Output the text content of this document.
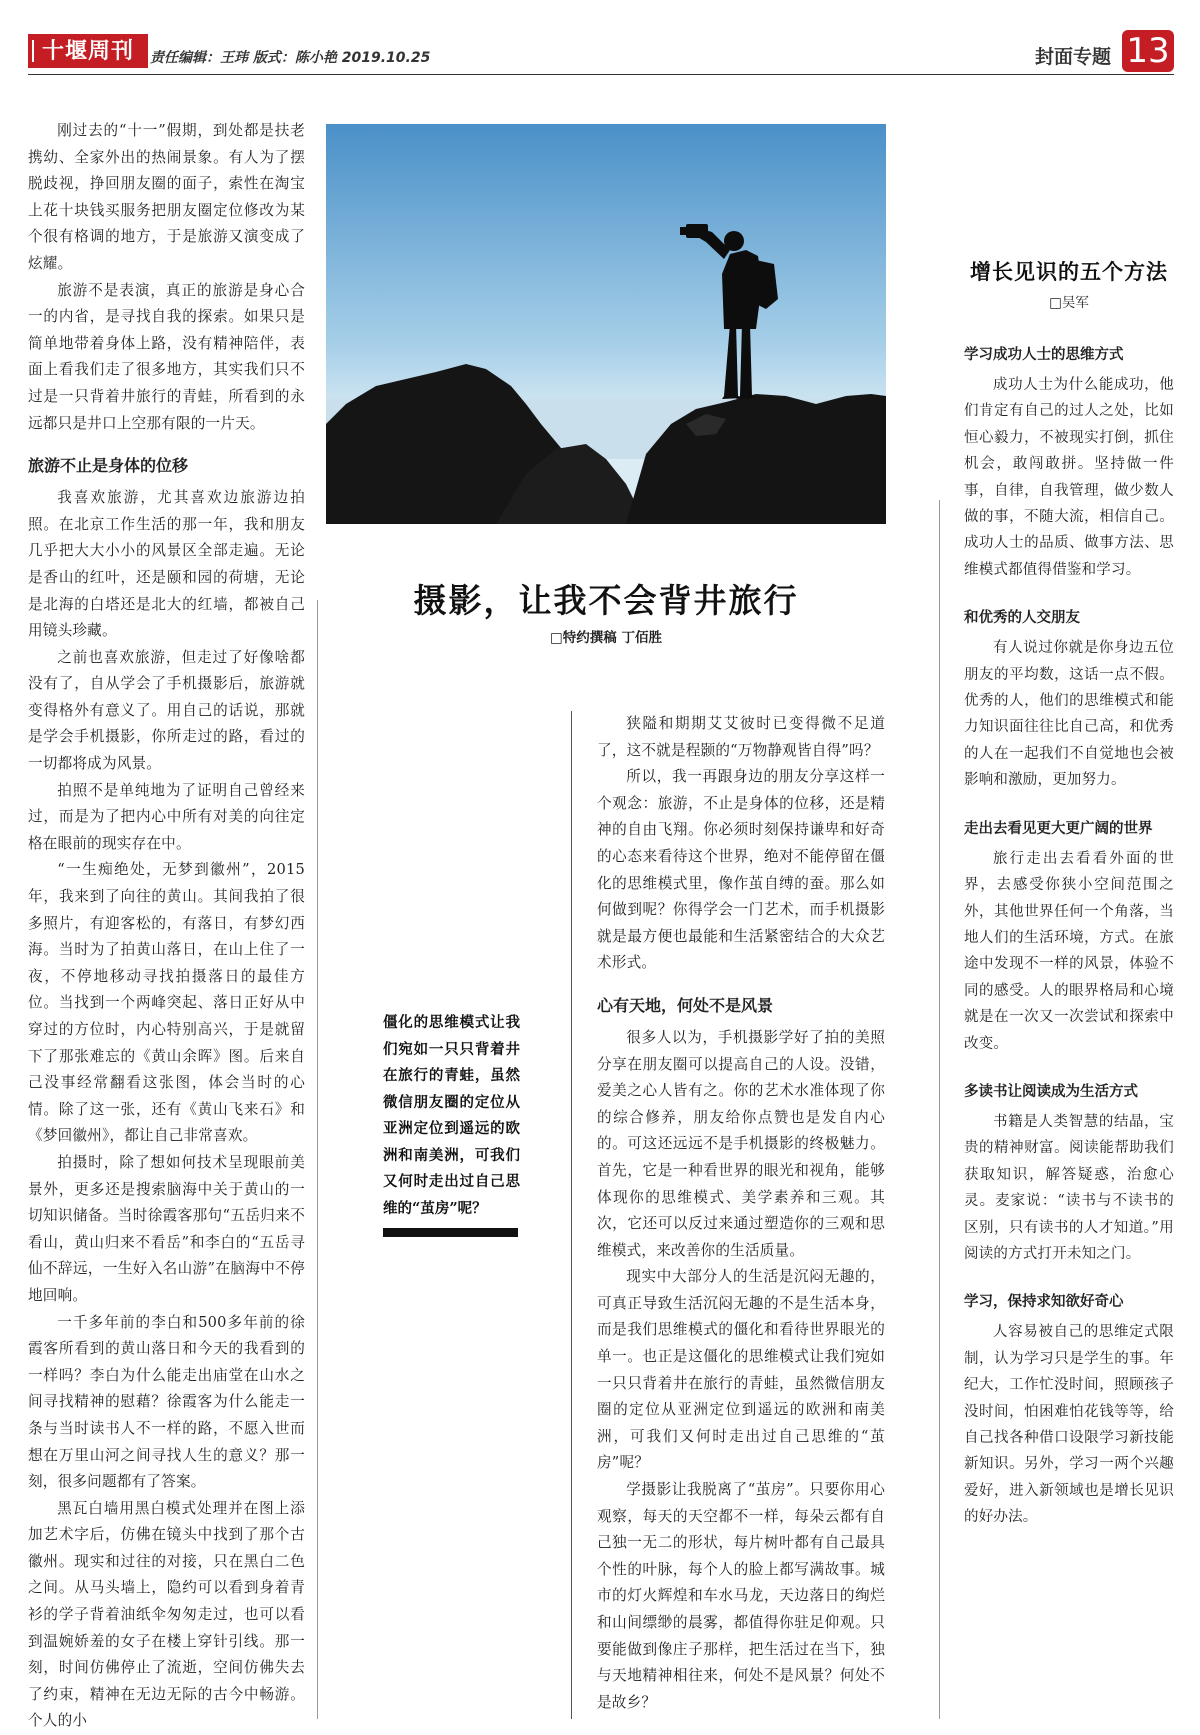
十堰周刊	责任编辑：王玮 版式：陈小艳 2019.10.25	封面专题 13

刚过去的“十一”假期，到处都是扶老携幼、全家外出的热闹景象。有人为了摆脱歧视，挣回朋友圈的面子，索性在淘宝上花十块钱买服务把朋友圈定位修改为某个很有格调的地方，于是旅游又演变成了炫耀。

旅游不是表演，真正的旅游是身心合一的内省，是寻找自我的探索。如果只是简单地带着身体上路，没有精神陪伴，表面上看我们走了很多地方，其实我们只不过是一只背着井旅行的青蛙，所看到的永远都只是井口上空那有限的一片天。

旅游不止是身体的位移

我喜欢旅游，尤其喜欢边旅游边拍照。在北京工作生活的那一年，我和朋友几乎把大大小小的风景区全部走遍。无论是香山的红叶，还是颐和园的荷塘，无论是北海的白塔还是北大的红墙，都被自己用镜头珍藏。

之前也喜欢旅游，但走过了好像啥都没有了，自从学会了手机摄影后，旅游就变得格外有意义了。用自己的话说，那就是学会手机摄影，你所走过的路，看过的一切都将成为风景。

拍照不是单纯地为了证明自己曾经来过，而是为了把内心中所有对美的向往定格在眼前的现实存在中。

“一生痴绝处，无梦到徽州”，2015年，我来到了向往的黄山。其间我拍了很多照片，有迎客松的，有落日，有梦幻西海。当时为了拍黄山落日，在山上住了一夜，不停地移动寻找拍摄落日的最佳方位。当找到一个两峰突起、落日正好从中穿过的方位时，内心特别高兴，于是就留下了那张难忘的《黄山余晖》图。后来自己没事经常翻看这张图，体会当时的心情。除了这一张，还有《黄山飞来石》和《梦回徽州》，都让自己非常喜欢。

拍摄时，除了想如何技术呈现眼前美景外，更多还是搜索脑海中关于黄山的一切知识储备。当时徐霞客那句“五岳归来不看山，黄山归来不看岳”和李白的“五岳寻仙不辞远，一生好入名山游”在脑海中不停地回响。

一千多年前的李白和500多年前的徐霞客所看到的黄山落日和今天的我看到的一样吗？李白为什么能走出庙堂在山水之间寻找精神的慰藉？徐霞客为什么能走一条与当时读书人不一样的路，不愿入世而想在万里山河之间寻找人生的意义？那一刻，很多问题都有了答案。

黑瓦白墙用黑白模式处理并在图上添加艺术字后，仿佛在镜头中找到了那个古徽州。现实和过往的对接，只在黑白二色之间。从马头墙上，隐约可以看到身着青衫的学子背着油纸伞匆匆走过，也可以看到温婉娇羞的女子在楼上穿针引线。那一刻，时间仿佛停止了流逝，空间仿佛失去了约束，精神在无边无际的古今中畅游。个人的小

摄影，让我不会背井旅行
□特约撰稿 丁佰胜
僵化的思维模式让我们宛如一只只背着井在旅行的青蛙，虽然微信朋友圈的定位从亚洲定位到遥远的欧洲和南美洲，可我们又何时走出过自己思维的“茧房”呢？

狭隘和期期艾艾彼时已变得微不足道了，这不就是程颢的“万物静观皆自得”吗？

所以，我一再跟身边的朋友分享这样一个观念：旅游，不止是身体的位移，还是精神的自由飞翔。你必须时刻保持谦卑和好奇的心态来看待这个世界，绝对不能停留在僵化的思维模式里，像作茧自缚的蚕。那么如何做到呢？你得学会一门艺术，而手机摄影就是最方便也最能和生活紧密结合的大众艺术形式。

心有天地，何处不是风景

很多人以为，手机摄影学好了拍的美照分享在朋友圈可以提高自己的人设。没错，爱美之心人皆有之。你的艺术水准体现了你的综合修养，朋友给你点赞也是发自内心的。可这还远远不是手机摄影的终极魅力。首先，它是一种看世界的眼光和视角，能够体现你的思维模式、美学素养和三观。其次，它还可以反过来通过塑造你的三观和思维模式，来改善你的生活质量。

现实中大部分人的生活是沉闷无趣的，可真正导致生活沉闷无趣的不是生活本身，而是我们思维模式的僵化和看待世界眼光的单一。也正是这僵化的思维模式让我们宛如一只只背着井在旅行的青蛙，虽然微信朋友圈的定位从亚洲定位到遥远的欧洲和南美洲，可我们又何时走出过自己思维的“茧房”呢？

学摄影让我脱离了“茧房”。只要你用心观察，每天的天空都不一样，每朵云都有自己独一无二的形状，每片树叶都有自己最具个性的叶脉，每个人的脸上都写满故事。城市的灯火辉煌和车水马龙，天边落日的绚烂和山间缥缈的晨雾，都值得你驻足仰观。只要能做到像庄子那样，把生活过在当下，独与天地精神相往来，何处不是风景？何处不是故乡？

增长见识的五个方法
□吴军
学习成功人士的思维方式

成功人士为什么能成功，他们肯定有自己的过人之处，比如恒心毅力，不被现实打倒，抓住机会，敢闯敢拼。坚持做一件事，自律，自我管理，做少数人做的事，不随大流，相信自己。成功人士的品质、做事方法、思维模式都值得借鉴和学习。

和优秀的人交朋友

有人说过你就是你身边五位朋友的平均数，这话一点不假。优秀的人，他们的思维模式和能力知识面往往比自己高，和优秀的人在一起我们不自觉地也会被影响和激励，更加努力。

走出去看见更大更广阔的世界

旅行走出去看看外面的世界，去感受你狭小空间范围之外，其他世界任何一个角落，当地人们的生活环境，方式。在旅途中发现不一样的风景，体验不同的感受。人的眼界格局和心境就是在一次又一次尝试和探索中改变。

多读书让阅读成为生活方式

书籍是人类智慧的结晶，宝贵的精神财富。阅读能帮助我们获取知识，解答疑惑，治愈心灵。麦家说：“读书与不读书的区别，只有读书的人才知道。”用阅读的方式打开未知之门。

学习，保持求知欲好奇心

人容易被自己的思维定式限制，认为学习只是学生的事。年纪大，工作忙没时间，照顾孩子没时间，怕困难怕花钱等等，给自己找各种借口设限学习新技能新知识。另外，学习一两个兴趣爱好，进入新领域也是增长见识的好办法。
